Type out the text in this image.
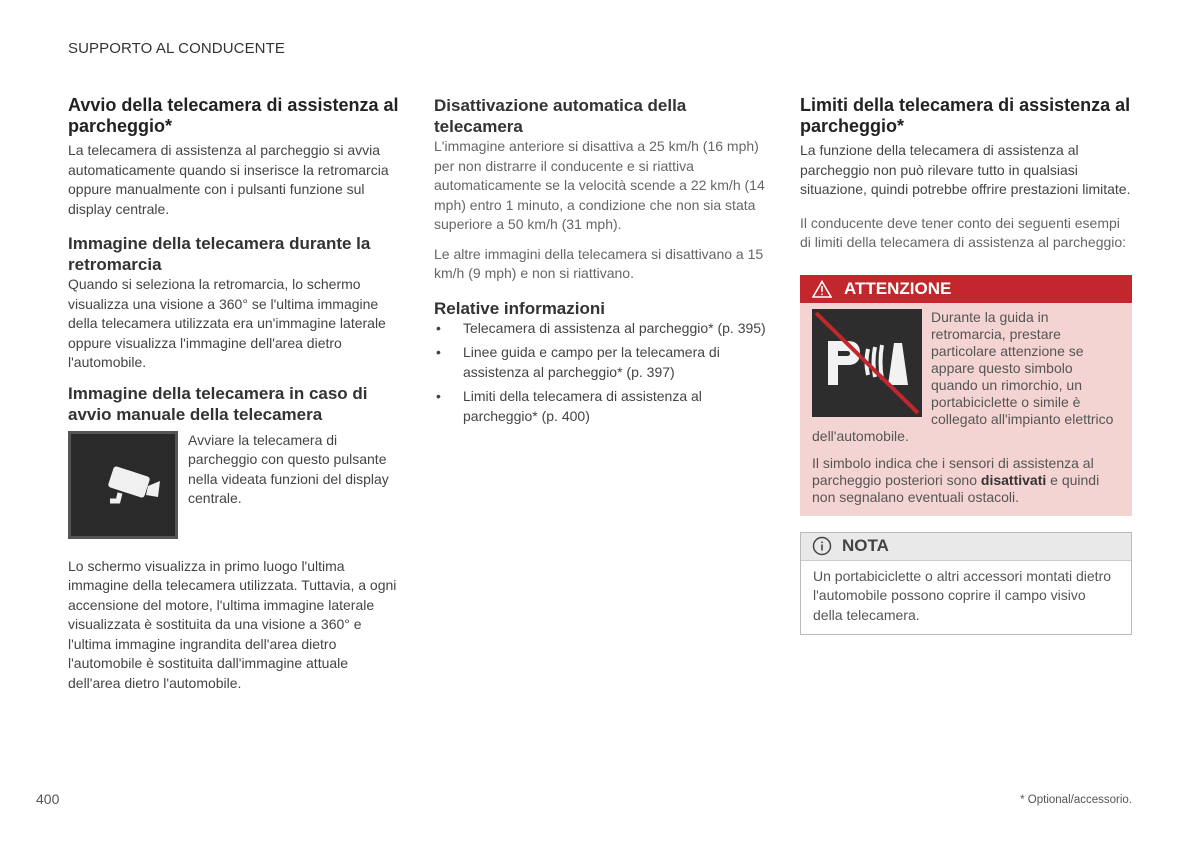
SUPPORTO AL CONDUCENTE
Avvio della telecamera di assistenza al parcheggio*

La telecamera di assistenza al parcheggio si avvia automaticamente quando si inserisce la retromarcia oppure manualmente con i pulsanti funzione sul display centrale.

Immagine della telecamera durante la retromarcia

Quando si seleziona la retromarcia, lo schermo visualizza una visione a 360° se l'ultima immagine della telecamera utilizzata era un'immagine laterale oppure visualizza l'immagine dell'area dietro l'automobile.

Immagine della telecamera in caso di avvio manuale della telecamera

Avviare la telecamera di parcheggio con questo pulsante nella videata funzioni del display centrale.

Lo schermo visualizza in primo luogo l'ultima immagine della telecamera utilizzata. Tuttavia, a ogni accensione del motore, l'ultima immagine laterale visualizzata è sostituita da una visione a 360° e l'ultima immagine ingrandita dell'area dietro l'automobile è sostituita dall'immagine attuale dell'area dietro l'automobile.

Disattivazione automatica della telecamera

L'immagine anteriore si disattiva a 25 km/h (16 mph) per non distrarre il conducente e si riattiva automaticamente se la velocità scende a 22 km/h (14 mph) entro 1 minuto, a condizione che non sia stata superiore a 50 km/h (31 mph).

Le altre immagini della telecamera si disattivano a 15 km/h (9 mph) e non si riattivano.

Relative informazioni
• Telecamera di assistenza al parcheggio* (p. 395)
• Linee guida e campo per la telecamera di assistenza al parcheggio* (p. 397)
• Limiti della telecamera di assistenza al parcheggio* (p. 400)
Limiti della telecamera di assistenza al parcheggio*

La funzione della telecamera di assistenza al parcheggio non può rilevare tutto in qualsiasi situazione, quindi potrebbe offrire prestazioni limitate.

Il conducente deve tener conto dei seguenti esempi di limiti della telecamera di assistenza al parcheggio:

ATTENZIONE

Durante la guida in retromarcia, prestare particolare attenzione se appare questo simbolo quando un rimorchio, un portabiciclette o simile è collegato all'impianto elettrico dell'automobile.

Il simbolo indica che i sensori di assistenza al parcheggio posteriori sono disattivati e quindi non segnalano eventuali ostacoli.

NOTA

Un portabiciclette o altri accessori montati dietro l'automobile possono coprire il campo visivo della telecamera.

400	* Optional/accessorio.
